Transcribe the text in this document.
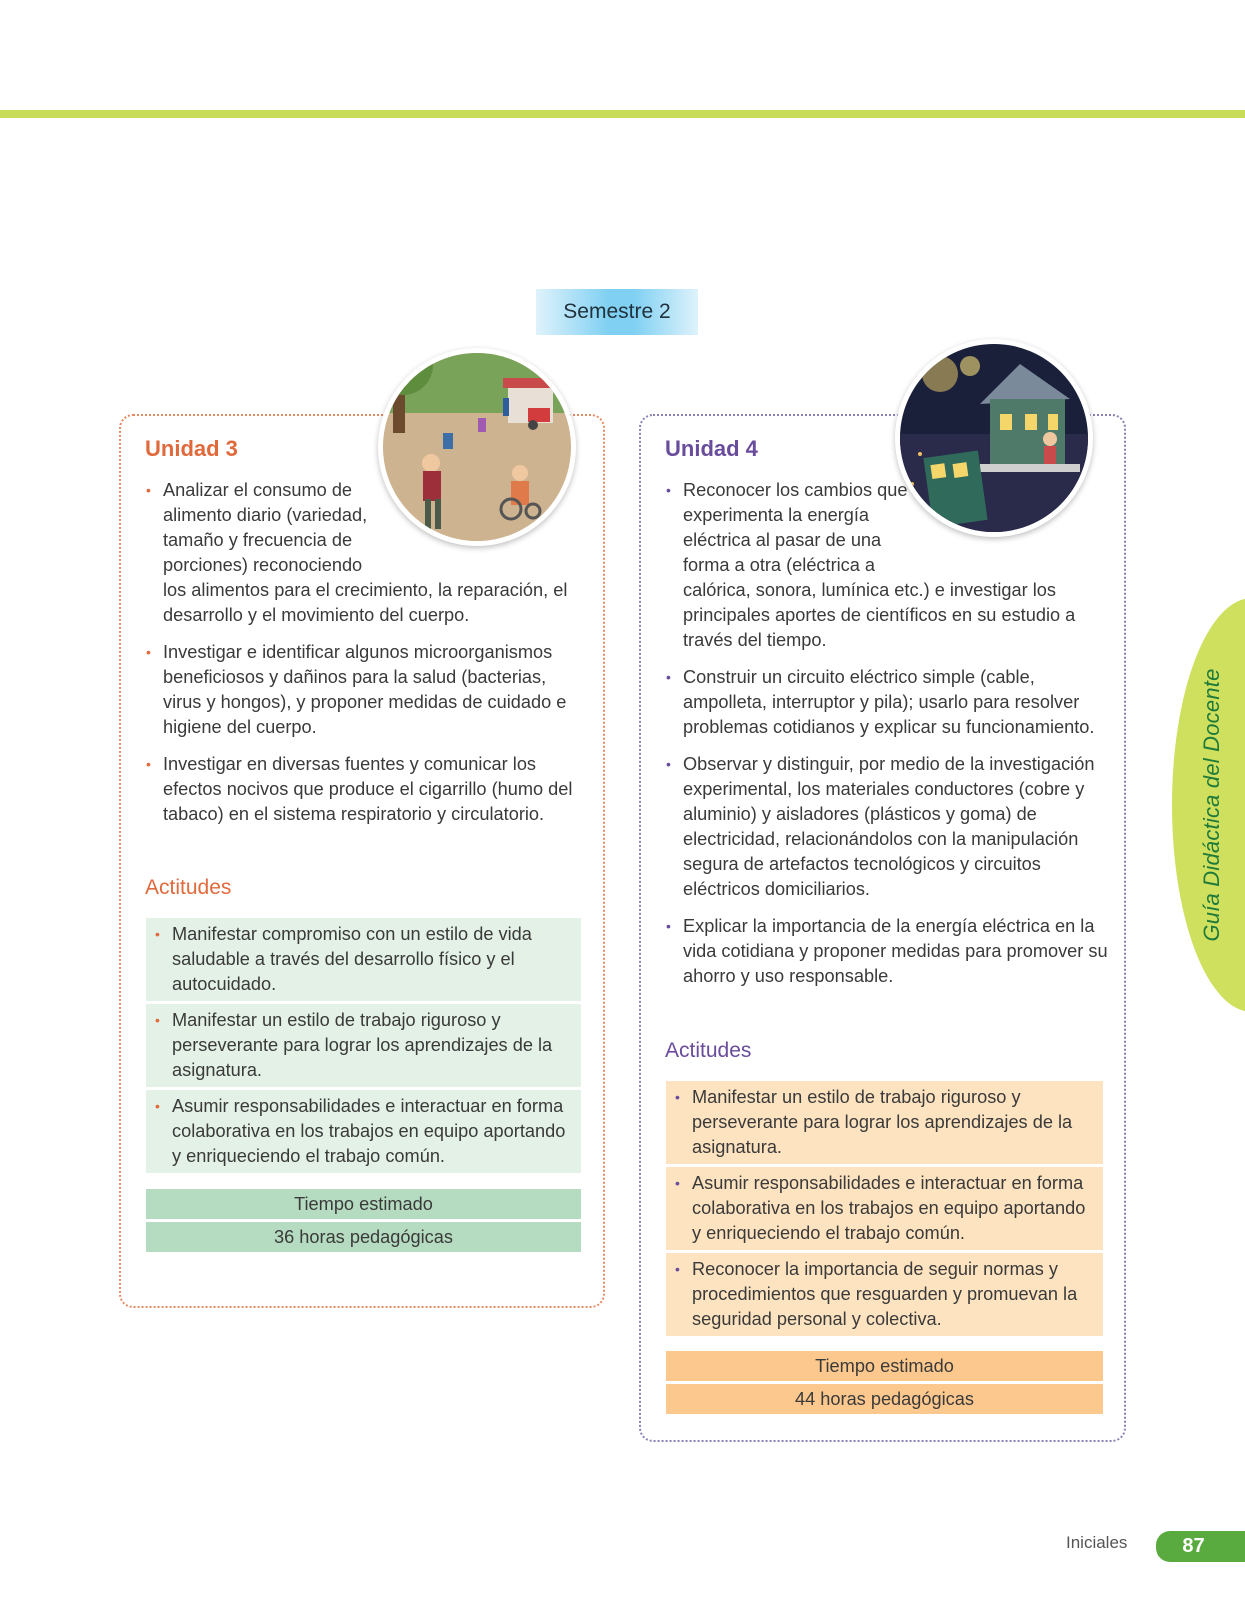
Semestre 2
Unidad 3
• Analizar el consumo de alimento diario (variedad, tamaño y frecuencia de porciones) reconociendo los alimentos para el crecimiento, la reparación, el desarrollo y el movimiento del cuerpo.
• Investigar e identificar algunos microorganismos beneficiosos y dañinos para la salud (bacterias, virus y hongos), y proponer medidas de cuidado e higiene del cuerpo.
• Investigar en diversas fuentes y comunicar los efectos nocivos que produce el cigarrillo (humo del tabaco) en el sistema respiratorio y circulatorio.
Actitudes
• Manifestar compromiso con un estilo de vida saludable a través del desarrollo físico y el autocuidado.
• Manifestar un estilo de trabajo riguroso y perseverante para lograr los aprendizajes de la asignatura.
• Asumir responsabilidades e interactuar en forma colaborativa en los trabajos en equipo aportando y enriqueciendo el trabajo común.
Tiempo estimado
36 horas pedagógicas
Unidad 4
• Reconocer los cambios que experimenta la energía eléctrica al pasar de una forma a otra (eléctrica a calórica, sonora, lumínica etc.) e investigar los principales aportes de científicos en su estudio a través del tiempo.
• Construir un circuito eléctrico simple (cable, ampolleta, interruptor y pila); usarlo para resolver problemas cotidianos y explicar su funcionamiento.
• Observar y distinguir, por medio de la investigación experimental, los materiales conductores (cobre y aluminio) y aisladores (plásticos y goma) de electricidad, relacionándolos con la manipulación segura de artefactos tecnológicos y circuitos eléctricos domiciliarios.
• Explicar la importancia de la energía eléctrica en la vida cotidiana y proponer medidas para promover su ahorro y uso responsable.
Actitudes
• Manifestar un estilo de trabajo riguroso y perseverante para lograr los aprendizajes de la asignatura.
• Asumir responsabilidades e interactuar en forma colaborativa en los trabajos en equipo aportando y enriqueciendo el trabajo común.
• Reconocer la importancia de seguir normas y procedimientos que resguarden y promuevan la seguridad personal y colectiva.
Tiempo estimado
44 horas pedagógicas
Guía Didáctica del Docente
Iniciales	87
